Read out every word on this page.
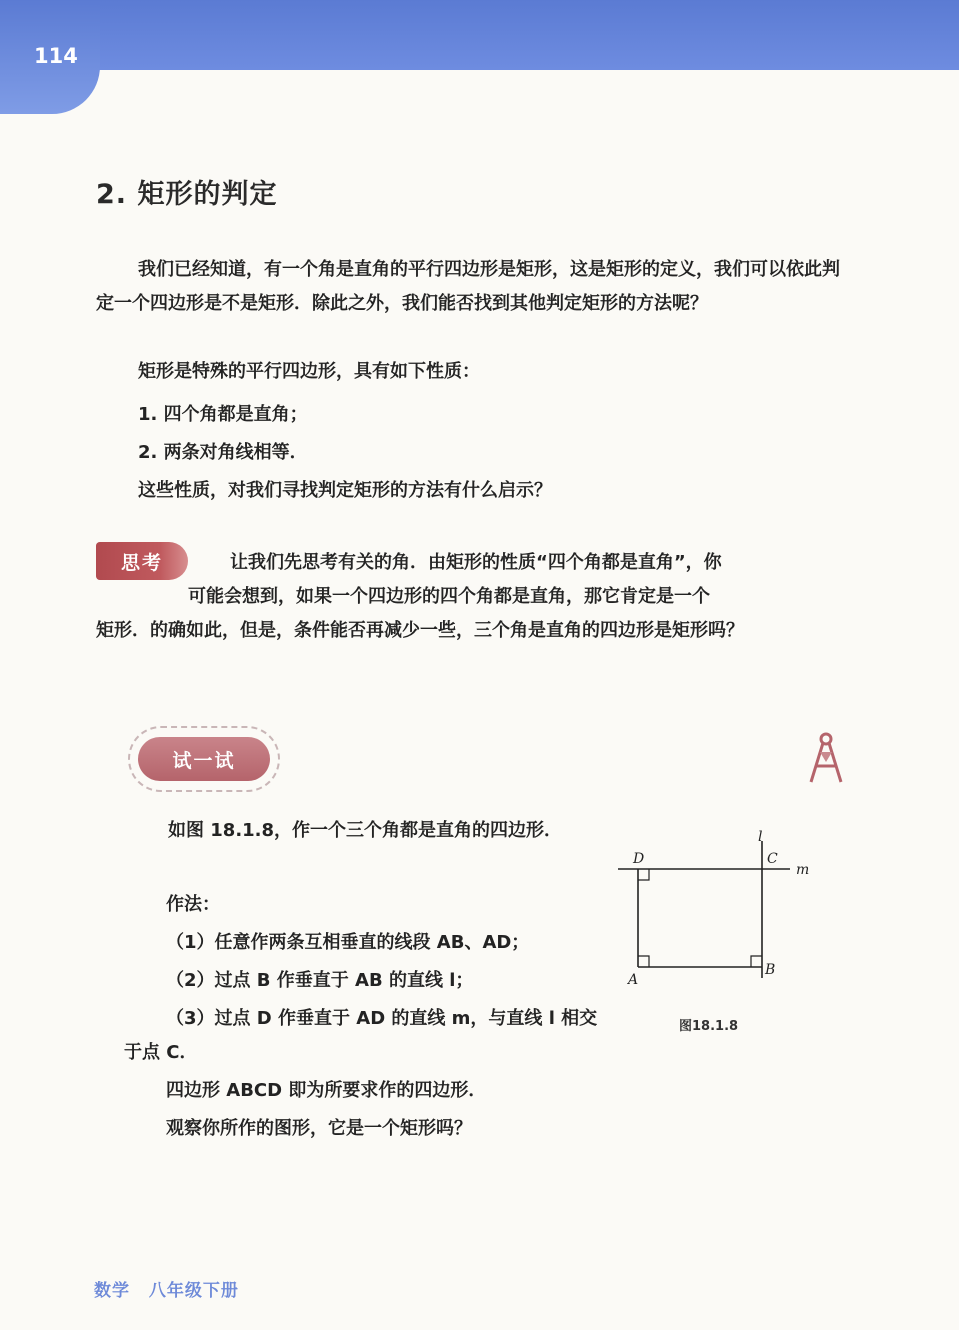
114
2. 矩形的判定

我们已经知道，有一个角是直角的平行四边形是矩形，这是矩形的定义，我们可以依此判定一个四边形是不是矩形．除此之外，我们能否找到其他判定矩形的方法呢？

矩形是特殊的平行四边形，具有如下性质：

1. 四个角都是直角；

2. 两条对角线相等．

这些性质，对我们寻找判定矩形的方法有什么启示？

思考	让我们先思考有关的角．由矩形的性质“四个角都是直角”，你
可能会想到，如果一个四边形的四个角都是直角，那它肯定是一个
矩形．的确如此，但是，条件能否再减少一些，三个角是直角的四边形是矩形吗？

试一试

如图 18.1.8，作一个三个角都是直角的四边形．

作法：

（1）任意作两条互相垂直的线段 AB、AD；

（2）过点 B 作垂直于 AB 的直线 l；

（3）过点 D 作垂直于 AD 的直线 m，与直线 l 相交于点 C．

四边形 ABCD 即为所要求作的四边形．

观察你所作的图形，它是一个矩形吗？

l
m
D	C
A
B
图18.1.8
数学 八年级下册
